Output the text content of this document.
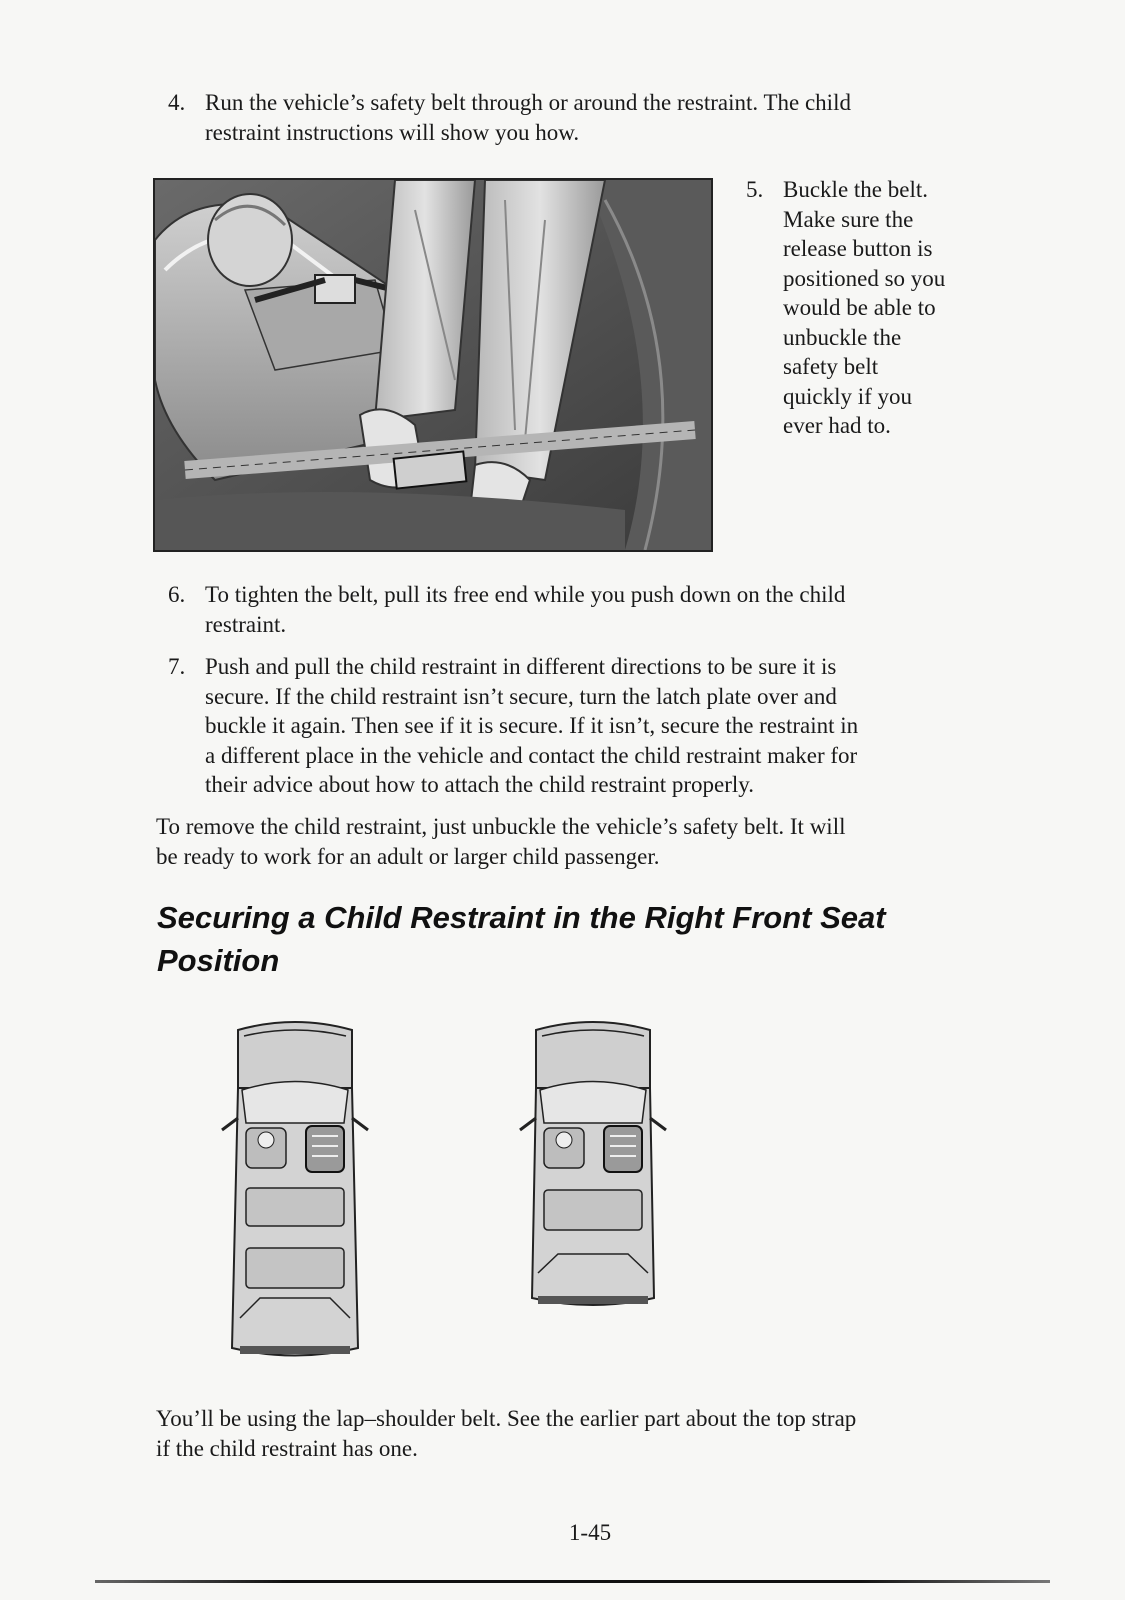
4. Run the vehicle’s safety belt through or around the restraint. The child
restraint instructions will show you how.
5. Buckle the belt.
Make sure the
release button is
positioned so you
would be able to
unbuckle the
safety belt
quickly if you
ever had to.
6. To tighten the belt, pull its free end while you push down on the child
restraint.
7. Push and pull the child restraint in different directions to be sure it is
secure. If the child restraint isn’t secure, turn the latch plate over and
buckle it again. Then see if it is secure. If it isn’t, secure the restraint in
a different place in the vehicle and contact the child restraint maker for
their advice about how to attach the child restraint properly.
To remove the child restraint, just unbuckle the vehicle’s safety belt. It will
be ready to work for an adult or larger child passenger.
Securing a Child Restraint in the Right Front Seat
Position
You’ll be using the lap–shoulder belt. See the earlier part about the top strap
if the child restraint has one.
1-45
